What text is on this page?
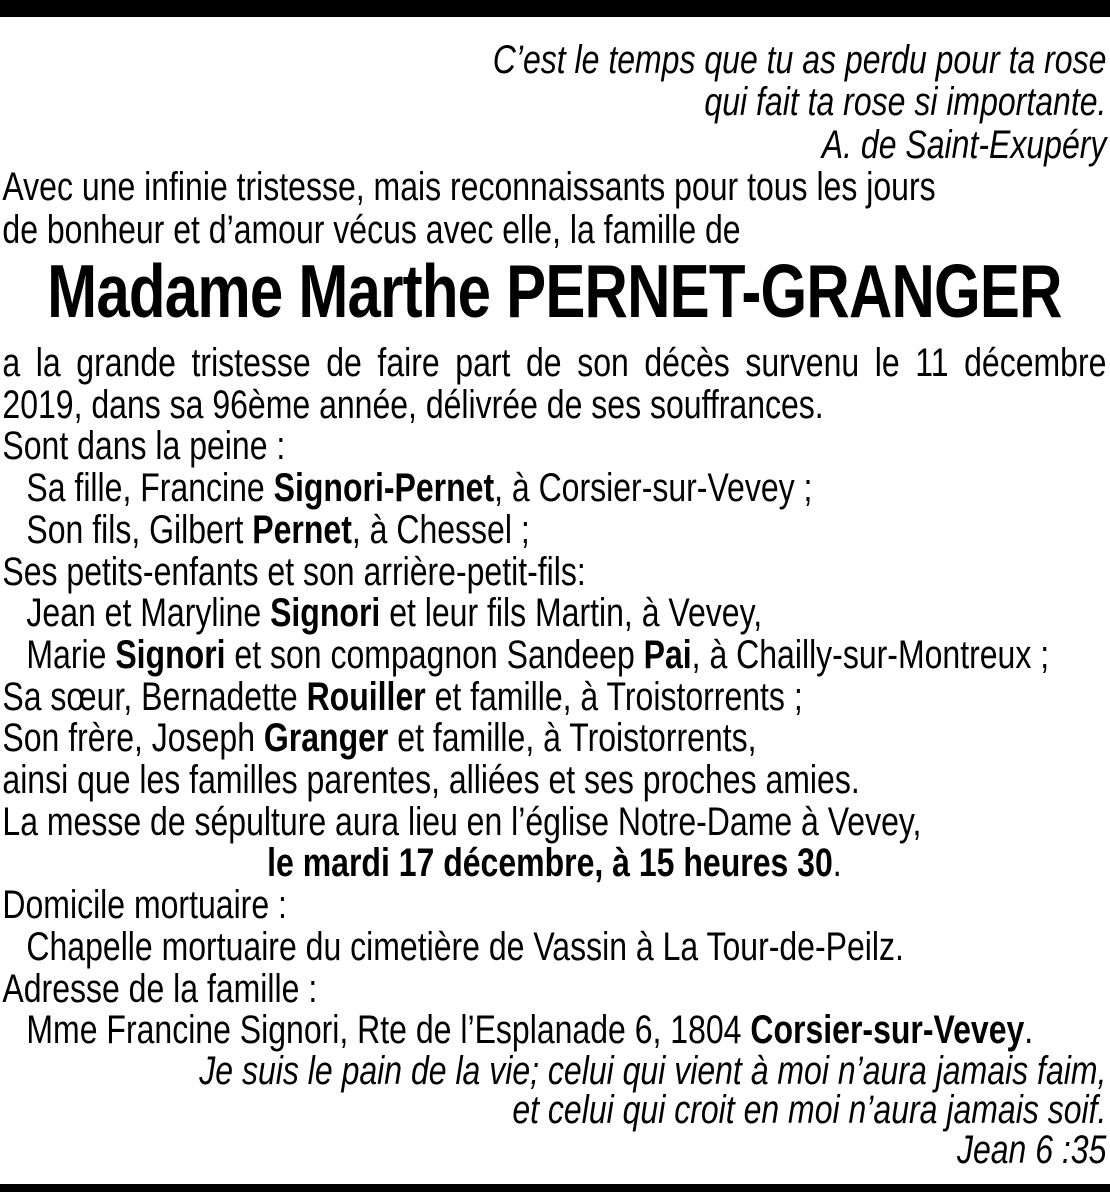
C’est le temps que tu as perdu pour ta rose
qui fait ta rose si importante.
A. de Saint-Exupéry
Avec une infinie tristesse, mais reconnaissants pour tous les jours
de bonheur et d’amour vécus avec elle, la famille de
Madame Marthe PERNET-GRANGER
a la grande tristesse de faire part de son décès survenu le 11 décembre
2019, dans sa 96ème année, délivrée de ses souffrances.
Sont dans la peine :
Sa fille, Francine Signori-Pernet, à Corsier-sur-Vevey ;
Son fils, Gilbert Pernet, à Chessel ;
Ses petits-enfants et son arrière-petit-fils:
Jean et Maryline Signori et leur fils Martin, à Vevey,
Marie Signori et son compagnon Sandeep Pai, à Chailly-sur-Montreux ;
Sa sœur, Bernadette Rouiller et famille, à Troistorrents ;
Son frère, Joseph Granger et famille, à Troistorrents,
ainsi que les familles parentes, alliées et ses proches amies.
La messe de sépulture aura lieu en l’église Notre-Dame à Vevey,
le mardi 17 décembre, à 15 heures 30.
Domicile mortuaire :
Chapelle mortuaire du cimetière de Vassin à La Tour-de-Peilz.
Adresse de la famille :
Mme Francine Signori, Rte de l’Esplanade 6, 1804 Corsier-sur-Vevey.
Je suis le pain de la vie; celui qui vient à moi n’aura jamais faim,
et celui qui croit en moi n’aura jamais soif.
Jean 6 :35
